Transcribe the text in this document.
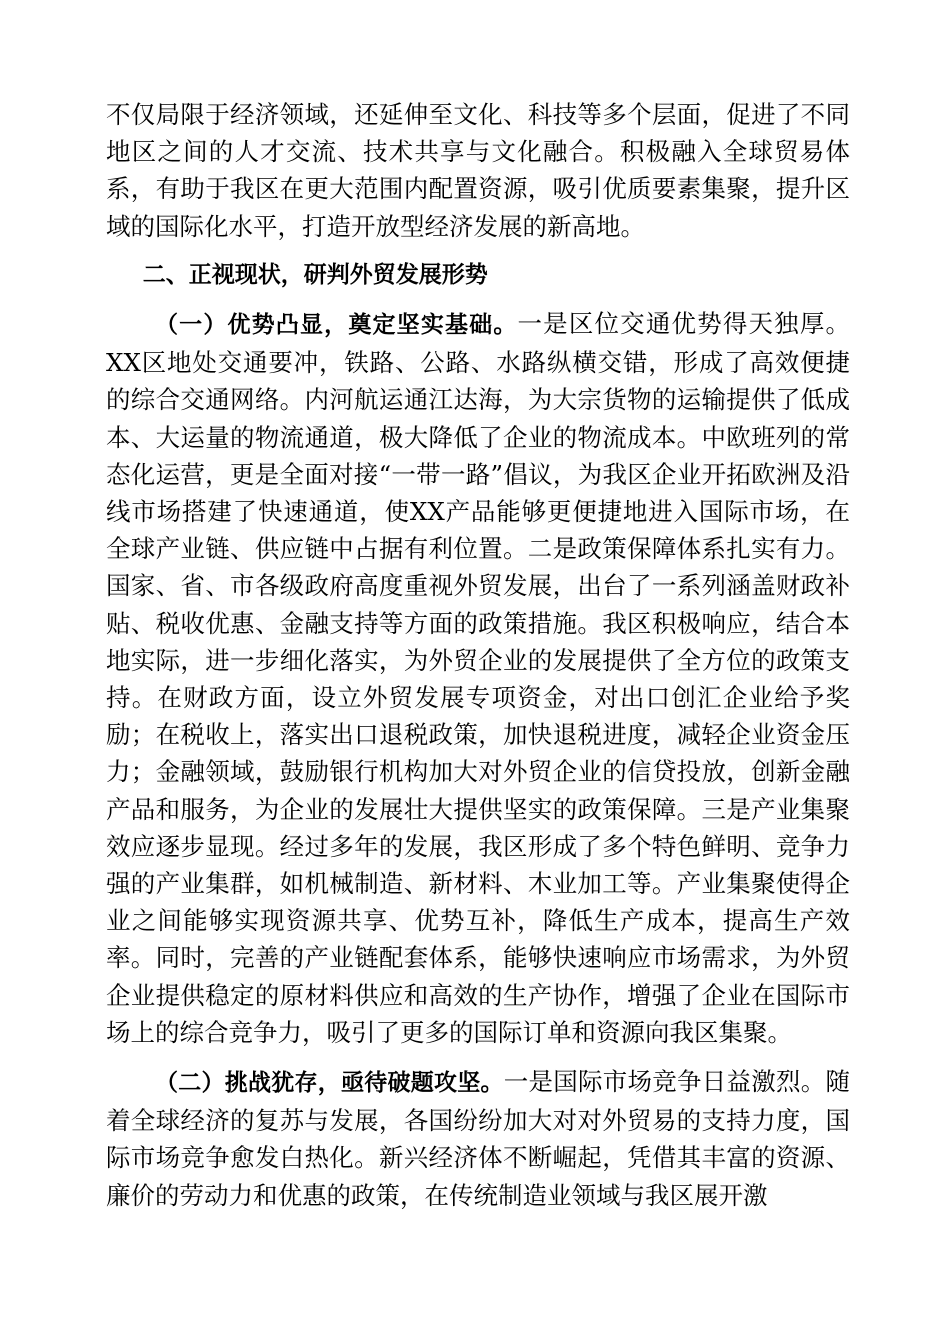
不仅局限于经济领域，还延伸至文化、科技等多个层面，促进了不同地区之间的人才交流、技术共享与文化融合。积极融入全球贸易体系，有助于我区在更大范围内配置资源，吸引优质要素集聚，提升区域的国际化水平，打造开放型经济发展的新高地。

二、正视现状，研判外贸发展形势

（一）优势凸显，奠定坚实基础。一是区位交通优势得天独厚。XX区地处交通要冲，铁路、公路、水路纵横交错，形成了高效便捷的综合交通网络。内河航运通江达海，为大宗货物的运输提供了低成本、大运量的物流通道，极大降低了企业的物流成本。中欧班列的常态化运营，更是全面对接“一带一路”倡议，为我区企业开拓欧洲及沿线市场搭建了快速通道，使XX产品能够更便捷地进入国际市场，在全球产业链、供应链中占据有利位置。二是政策保障体系扎实有力。国家、省、市各级政府高度重视外贸发展，出台了一系列涵盖财政补贴、税收优惠、金融支持等方面的政策措施。我区积极响应，结合本地实际，进一步细化落实，为外贸企业的发展提供了全方位的政策支持。在财政方面，设立外贸发展专项资金，对出口创汇企业给予奖励；在税收上，落实出口退税政策，加快退税进度，减轻企业资金压力；金融领域，鼓励银行机构加大对外贸企业的信贷投放，创新金融产品和服务，为企业的发展壮大提供坚实的政策保障。三是产业集聚效应逐步显现。经过多年的发展，我区形成了多个特色鲜明、竞争力强的产业集群，如机械制造、新材料、木业加工等。产业集聚使得企业之间能够实现资源共享、优势互补，降低生产成本，提高生产效率。同时，完善的产业链配套体系，能够快速响应市场需求，为外贸企业提供稳定的原材料供应和高效的生产协作，增强了企业在国际市场上的综合竞争力，吸引了更多的国际订单和资源向我区集聚。

（二）挑战犹存，亟待破题攻坚。一是国际市场竞争日益激烈。随着全球经济的复苏与发展，各国纷纷加大对对外贸易的支持力度，国际市场竞争愈发白热化。新兴经济体不断崛起，凭借其丰富的资源、廉价的劳动力和优惠的政策，在传统制造业领域与我区展开激
